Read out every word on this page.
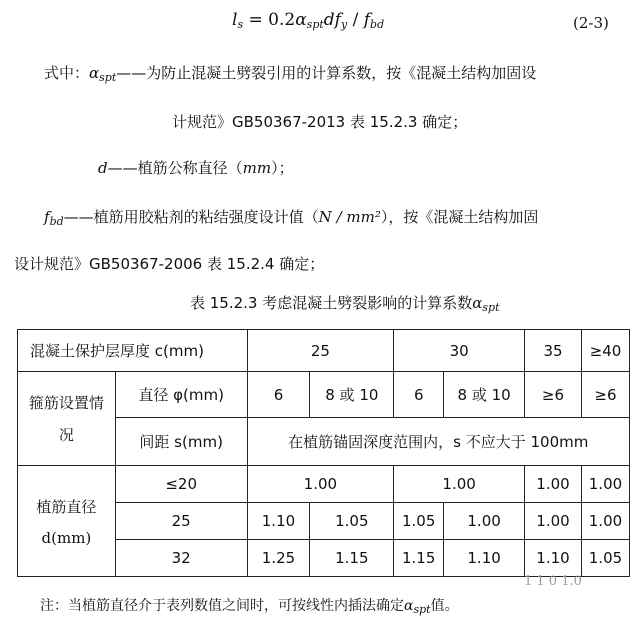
$l_s = 0.2\alpha_{spt}df_y / f_{bd}$	(2-3)
式中：$\alpha_{spt}——$为防止混凝土劈裂引用的计算系数，按《混凝土结构加固设
计规范》GB50367-2013 表 15.2.3 确定；
d——植筋公称直径（mm）；
$f_{bd}——$植筋用胶粘剂的粘结强度设计值（N / mm²），按《混凝土结构加固
设计规范》GB50367-2006 表 15.2.4 确定；
表 15.2.3 考虑混凝土劈裂影响的计算系数$\alpha_{spt}$
混凝土保护层厚度 c(mm)		25		30		35	≥40
箍筋设置情况	直径 φ(mm)	6	8 或 10	6	8 或 10	≥6	≥6
	间距 s(mm)	在植筋锚固深度范围内，s 不应大于 100mm					

植筋直径
d(mm)	≤20	1.00		1.00		1.00	1.00
	25	1.10	1.05	1.05	1.00	1.00	1.00
	32	1.25	1.15	1.15	1.10	1.10	1.05
1 1 0 1.0
注：当植筋直径介于表列数值之间时，可按线性内插法确定$\alpha_{spt}$值。
